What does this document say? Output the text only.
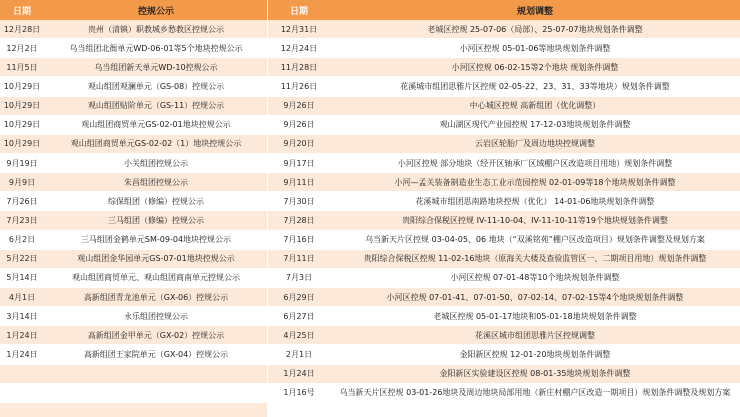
日期	控规公示
12月28日	贵州（清镇）职教城乡愁教区控规公示
12月2日	乌当组团北衙单元WD-06-01等5个地块控规公示
11月5日	乌当组团新天单元WD-10控规公示
10月29日	观山组团观澜单元（GS-08）控规公示
10月29日	观山组团贴阶单元（GS-11）控规公示
10月29日	观山组团商贸单元GS-02-01地块控规公示
10月29日	观山组团商贸单元GS-02-02（1）地块控规公示
9月19日	小关组团控规公示
9月9日	朱昌组团控规公示
7月26日	综保组团（修编）控规公示
7月23日	三马组团（修编）控规公示
6月2日	三马组团金鹤单元SM-09-04地块控规公示
5月22日	观山组团金华园单元GS-07-01地块控规公示
5月14日	观山组团商贸单元、观山组团商南单元控规公示
4月1日	高新组团青龙池单元（GX-06）控规公示
3月14日	永乐组团控规公示
1月24日	高新组团金甲单元（GX-02）控规公示
1月24日	高新组团王家院单元（GX-04）控规公示
日期	规划调整
12月31日	老城区控规 25-07-06（局部）、25-07-07地块规划条件调整
12月24日	小河区控规 05-01-06等地块规划条件调整
11月28日	小河区控规 06-02-15等2个地块 规划条件调整
11月26日	花溪城市组团思雅片区控规 02-05-22、23、31、33等地块）规划条件调整
9月26日	中心城区控规 高新组团（优化调整）
9月26日	观山湖区现代产业园控规 17-12-03地块规划条件调整
9月20日	云岩区轮胎厂及周边地块控规调整
9月17日	小河区控规 部分地块（经开区轴承厂区域棚户区改造项目用地）规划条件调整
9月11日	小河—孟关装备制造业生态工业示范园控规 02-01-09等18个地块规划条件调整
7月30日	花溪城市组团思南路地块控规（优化） 14-01-06地块规划条件调整
7月28日	贵阳综合保税区控规 IV-11-10-04、IV-11-10-11等19个地块规划条件调整
7月16日	乌当新天片区控规 03-04-05、06 地块（“双溪铭苑”棚户区改造项目）规划条件调整及规划方案
7月11日	贵阳综合保税区控规 11-02-16地块（原海关大楼及查验监管区一、二期项目用地）规划条件调整
7月3日	小河区控规 07-01-48等10个地块规划条件调整
6月29日	小河区控规 07-01-41、07-01-50、07-02-14、07-02-15等4个地块规划条件调整
6月27日	老城区控规 05-01-17地块和05-01-18地块规划条件调整
4月25日	花溪区城市组团思雅片区控规调整
2月1日	金阳新区控规 12-01-20地块规划条件调整
1月24日	金阳新区实验建设区控规 08-01-35地块规划条件调整
1月16号	乌当新天片区控规 03-01-26地块及周边地块局部用地（新庄村棚户区改造一期项目）规划条件调整及规划方案
